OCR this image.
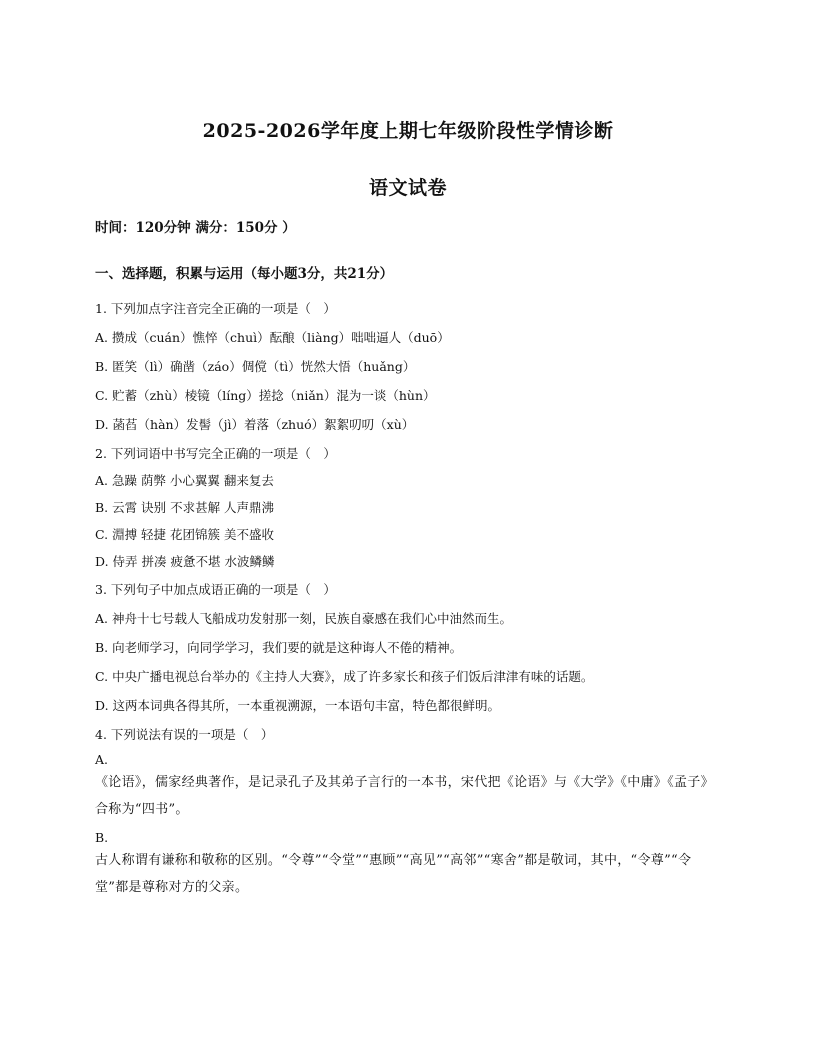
2025-2026学年度上期七年级阶段性学情诊断
语文试卷
时间：120分钟 满分：150分 ）
一、选择题，积累与运用（每小题3分，共21分）
1. 下列加点字注音完全正确的一项是（　）
A. 攒成（cuán）憔悴（chuì）酝酿（liàng）咄咄逼人（duō）
B. 匿笑（lì）确凿（záo）倜傥（tì）恍然大悟（huǎng）
C. 贮蓄（zhù）棱镜（líng）搓捻（niǎn）混为一谈（hùn）
D. 菡萏（hàn）发髻（jì）着落（zhuó）絮絮叨叨（xù）
2. 下列词语中书写完全正确的一项是（　）
A. 急躁 荫弊 小心翼翼 翻来复去
B. 云霄 诀别 不求甚解 人声鼎沸
C. 淵搏 轻捷 花团锦簇 美不盛收
D. 侍弄 拼凑 疲惫不堪 水波鳞鳞
3. 下列句子中加点成语正确的一项是（　）
A. 神舟十七号载人飞船成功发射那一刻，民族自豪感在我们心中油然而生。
B. 向老师学习，向同学学习，我们要的就是这种诲人不倦的精神。
C. 中央广播电视总台举办的《主持人大赛》，成了许多家长和孩子们饭后津津有味的话题。
D. 这两本词典各得其所，一本重视溯源，一本语句丰富，特色都很鲜明。
4. 下列说法有误的一项是（　）
A.
《论语》，儒家经典著作，是记录孔子及其弟子言行的一本书，宋代把《论语》与《大学》《中庸》《孟子》合称为“四书”。
B.
古人称谓有谦称和敬称的区别。“令尊”“令堂”“惠顾”“高见”“高邻”“寒舍”都是敬词，其中，“令尊”“令堂”都是尊称对方的父亲。
